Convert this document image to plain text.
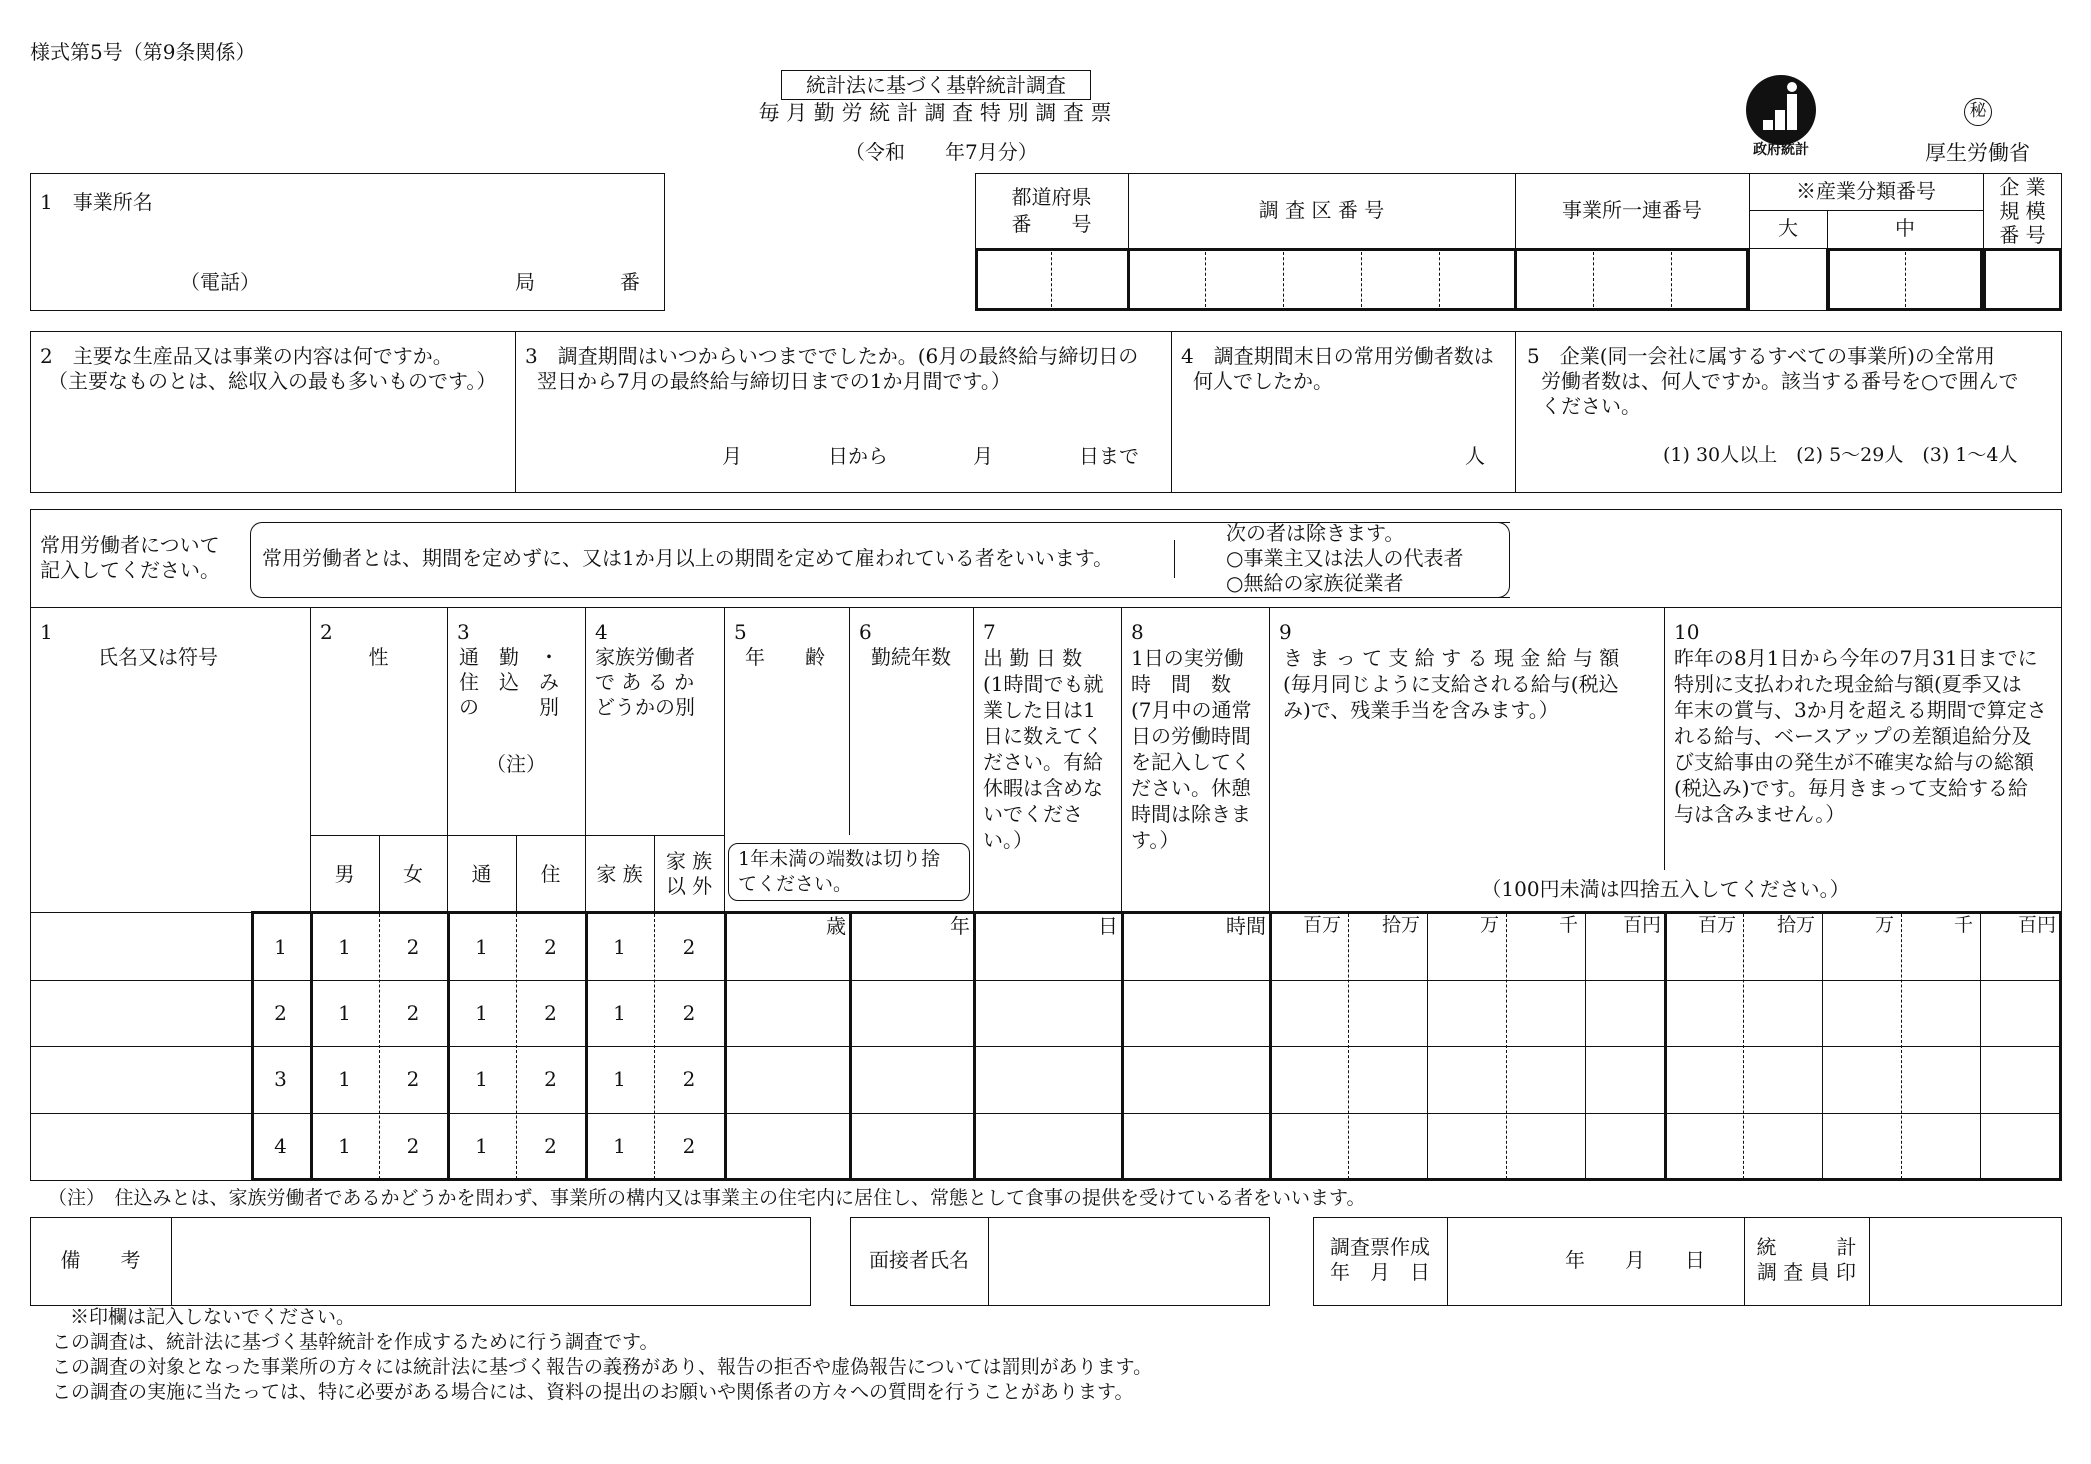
様式第5号（第9条関係）
統計法に基づく基幹統計調査
毎 月 勤 労 統 計 調 査 特 別 調 査 票
（令和　　年7月分）	政府統計
秘
厚生労働省
1　事業所名
（電話）	局	番
都道府県
番　　号
調 査 区 番 号	事業所一連番号
※産業分類番号
大	中
企 業
規 模
番 号
2　主要な生産品又は事業の内容は何ですか。
（主要なものとは、総収入の最も多いものです。）
3　調査期間はいつからいつまででしたか。(6月の最終給与締切日の
翌日から7月の最終給与締切日までの1か月間です。）
月	日から	月	日まで
4　調査期間末日の常用労働者数は
何人でしたか。
人
5　企業(同一会社に属するすべての事業所)の全常用
労働者数は、何人ですか。該当する番号を○で囲んで
ください。
(1) 30人以上　(2) 5～29人　(3) 1～4人
常用労働者について
記入してください。 常用労働者とは、期間を定めずに、又は1か月以上の期間を定めて雇われている者をいいます。
次の者は除きます。
○事業主又は法人の代表者
○無給の家族従業者
1
氏名又は符号
2
性
男	女
3
通　勤　・
住　込　み
の　　　別
（注）
通	住
4
家族労働者
で あ る か
どうかの別
家 族
家 族
以 外
5
年　　齢
6
勤続年数
1年未満の端数は切り捨
てください。
7
出 勤 日 数
(1時間でも就
業した日は1
日に数えてく
ださい。有給
休暇は含めな
いでくださ
い。）
8
1日の実労働
時　間　数
(7月中の通常
日の労働時間
を記入してく
ださい。休憩
時間は除きま
す。）
9
き ま っ て 支 給 す る 現 金 給 与 額
(毎月同じように支給される給与(税込
み)で、残業手当を含みます。）
10
昨年の8月1日から今年の7月31日までに
特別に支払われた現金給与額(夏季又は
年末の賞与、3か月を超える期間で算定さ
れる給与、ベースアップの差額追給分及
び支給事由の発生が不確実な給与の総額
(税込み)です。毎月きまって支給する給
与は含みません。）
（100円未満は四捨五入してください。）
歳	年	日	時間	百万	拾万	万	千	百円	百万	拾万	万	千	百円
1	1	2	1	2	1	2
2	1	2	1	2	1	2
3	1	2	1	2	1	2
4	1	2	1	2	1	2
（注）　住込みとは、家族労働者であるかどうかを問わず、事業所の構内又は事業主の住宅内に居住し、常態として食事の提供を受けている者をいいます。
備　　考	面接者氏名
調査票作成
年　月　日	年　　月　　日
統　　　計
調 査 員 印
※印欄は記入しないでください。
この調査は、統計法に基づく基幹統計を作成するために行う調査です。
この調査の対象となった事業所の方々には統計法に基づく報告の義務があり、報告の拒否や虚偽報告については罰則があります。
この調査の実施に当たっては、特に必要がある場合には、資料の提出のお願いや関係者の方々への質問を行うことがあります。
